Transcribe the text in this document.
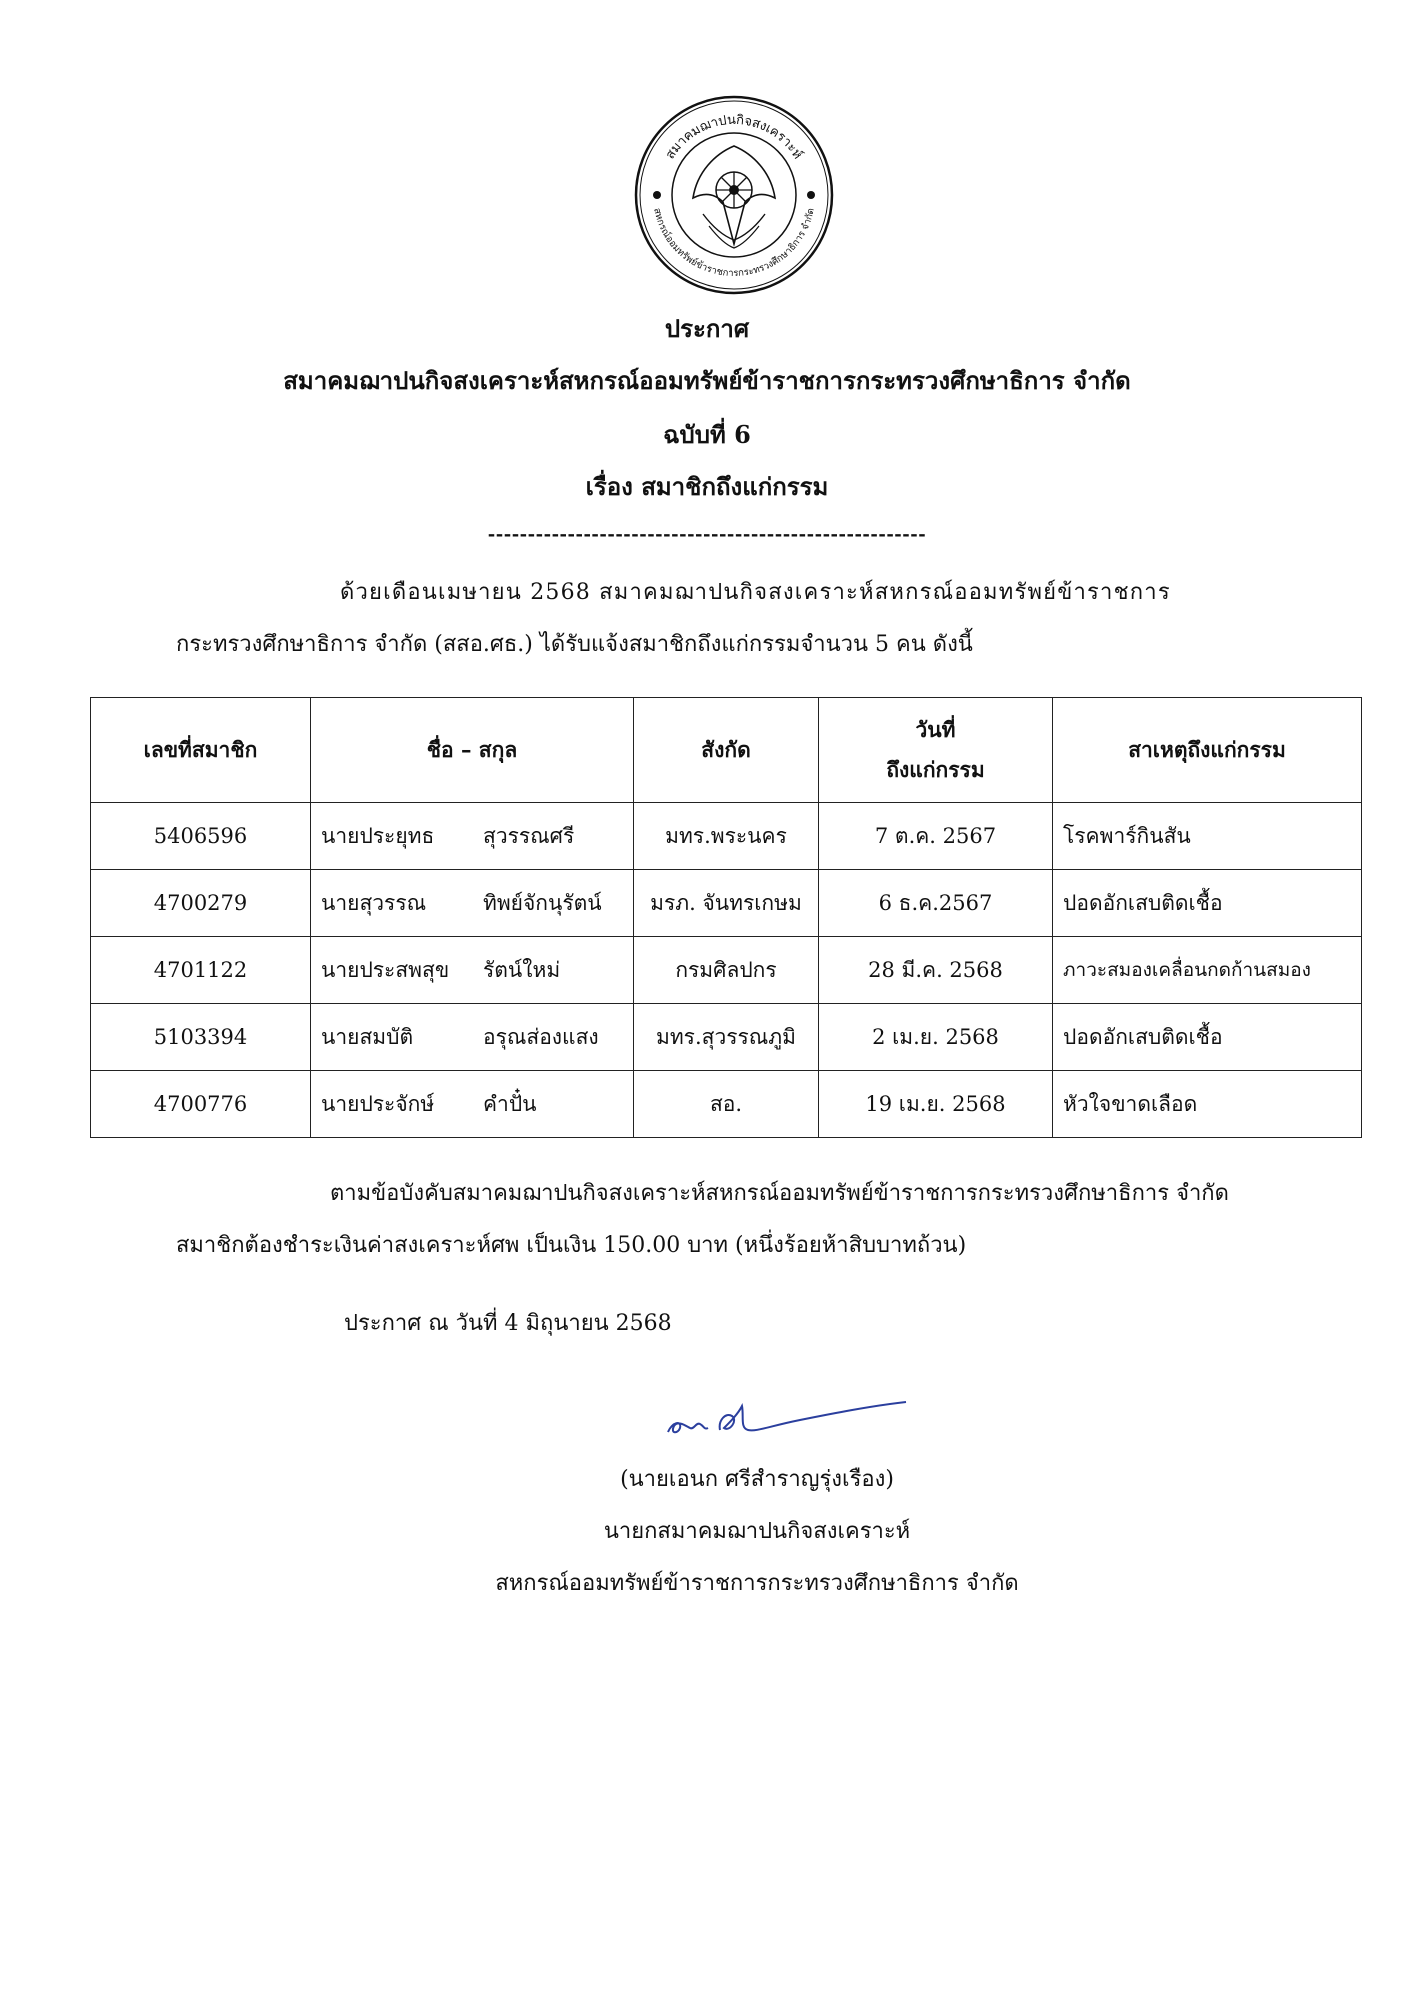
สมาคมฌาปนกิจสงเคราะห์
สหกรณ์ออมทรัพย์ข้าราชการกระทรวงศึกษาธิการ จำกัด
ประกาศ
สมาคมฌาปนกิจสงเคราะห์สหกรณ์ออมทรัพย์ข้าราชการกระทรวงศึกษาธิการ จำกัด
ฉบับที่ 6
เรื่อง สมาชิกถึงแก่กรรม
-------------------------------------------------------
ด้วยเดือนเมษายน 2568 สมาคมฌาปนกิจสงเคราะห์สหกรณ์ออมทรัพย์ข้าราชการ
กระทรวงศึกษาธิการ จำกัด (สสอ.ศธ.) ได้รับแจ้งสมาชิกถึงแก่กรรมจำนวน 5 คน ดังนี้
เลขที่สมาชิก	ชื่อ – สกุล	สังกัด	วันที่
ถึงแก่กรรม	สาเหตุถึงแก่กรรม
5406596	นายประยุทธ สุวรรณศรี	มทร.พระนคร	7 ต.ค. 2567	โรคพาร์กินสัน
4700279	นายสุวรรณ ทิพย์จักนุรัตน์	มรภ. จันทรเกษม	6 ธ.ค.2567	ปอดอักเสบติดเชื้อ
4701122	นายประสพสุข รัตน์ใหม่	กรมศิลปกร	28 มี.ค. 2568	ภาวะสมองเคลื่อนกดก้านสมอง
5103394	นายสมบัติ อรุณส่องแสง	มทร.สุวรรณภูมิ	2 เม.ย. 2568	ปอดอักเสบติดเชื้อ
4700776	นายประจักษ์ คำปั๋น	สอ.	19 เม.ย. 2568	หัวใจขาดเลือด
ตามข้อบังคับสมาคมฌาปนกิจสงเคราะห์สหกรณ์ออมทรัพย์ข้าราชการกระทรวงศึกษาธิการ จำกัด
สมาชิกต้องชำระเงินค่าสงเคราะห์ศพ เป็นเงิน 150.00 บาท (หนึ่งร้อยห้าสิบบาทถ้วน)
ประกาศ ณ วันที่ 4 มิถุนายน 2568
(นายเอนก ศรีสำราญรุ่งเรือง)
นายกสมาคมฌาปนกิจสงเคราะห์
สหกรณ์ออมทรัพย์ข้าราชการกระทรวงศึกษาธิการ จำกัด
